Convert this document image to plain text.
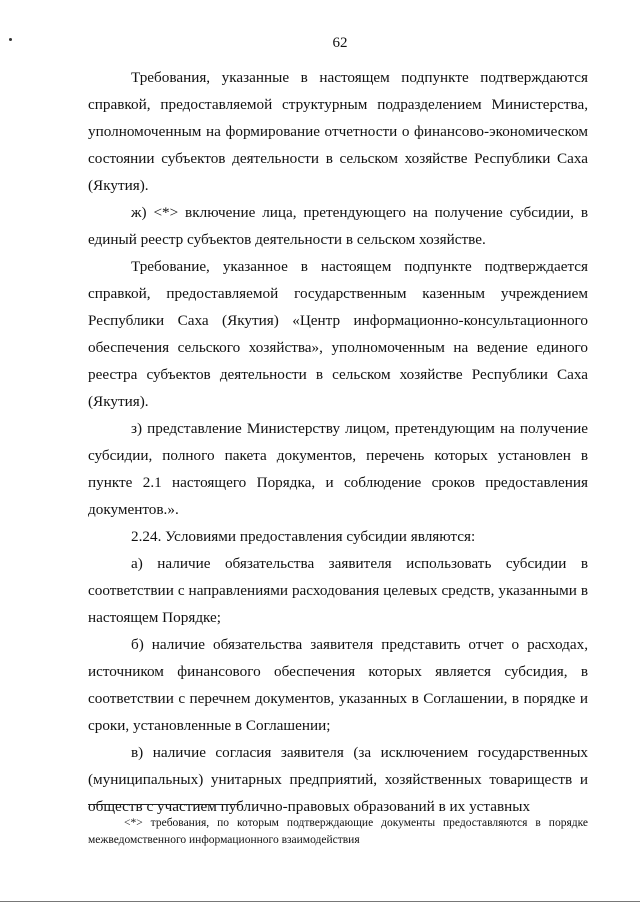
62

Требования, указанные в настоящем подпункте подтверждаются справкой, предоставляемой структурным подразделением Министерства, уполномоченным на формирование отчетности о финансово-экономическом состоянии субъектов деятельности в сельском хозяйстве Республики Саха (Якутия).

ж) <*> включение лица, претендующего на получение субсидии, в единый реестр субъектов деятельности в сельском хозяйстве.

Требование, указанное в настоящем подпункте подтверждается справкой, предоставляемой государственным казенным учреждением Республики Саха (Якутия) «Центр информационно-консультационного обеспечения сельского хозяйства», уполномоченным на ведение единого реестра субъектов деятельности в сельском хозяйстве Республики Саха (Якутия).

з) представление Министерству лицом, претендующим на получение субсидии, полного пакета документов, перечень которых установлен в пункте 2.1 настоящего Порядка, и соблюдение сроков предоставления документов.».

2.24. Условиями предоставления субсидии являются:

а) наличие обязательства заявителя использовать субсидии в соответствии с направлениями расходования целевых средств, указанными в настоящем Порядке;

б) наличие обязательства заявителя представить отчет о расходах, источником финансового обеспечения которых является субсидия, в соответствии с перечнем документов, указанных в Соглашении, в порядке и сроки, установленные в Соглашении;

в) наличие согласия заявителя (за исключением государственных (муниципальных) унитарных предприятий, хозяйственных товариществ и обществ с участием публично-правовых образований в их уставных

<*> требования, по которым подтверждающие документы предоставляются в порядке межведомственного информационного взаимодействия
